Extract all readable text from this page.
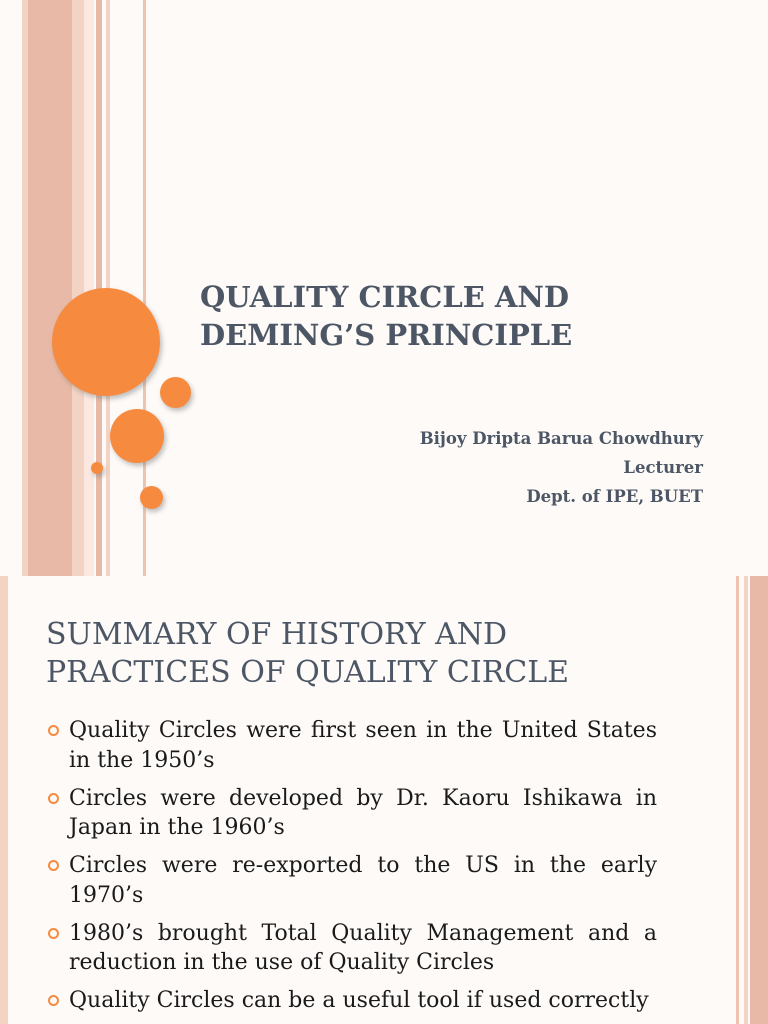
QUALITY CIRCLE AND
DEMING’S PRINCIPLE
Bijoy Dripta Barua Chowdhury
Lecturer
Dept. of IPE, BUET
SUMMARY OF HISTORY AND
PRACTICES OF QUALITY CIRCLE
Quality Circles were first seen in the United States in the 1950’s
Circles were developed by Dr. Kaoru Ishikawa in Japan in the 1960’s
Circles were re-exported to the US in the early 1970’s
1980’s brought Total Quality Management and a reduction in the use of Quality Circles
Quality Circles can be a useful tool if used correctly
